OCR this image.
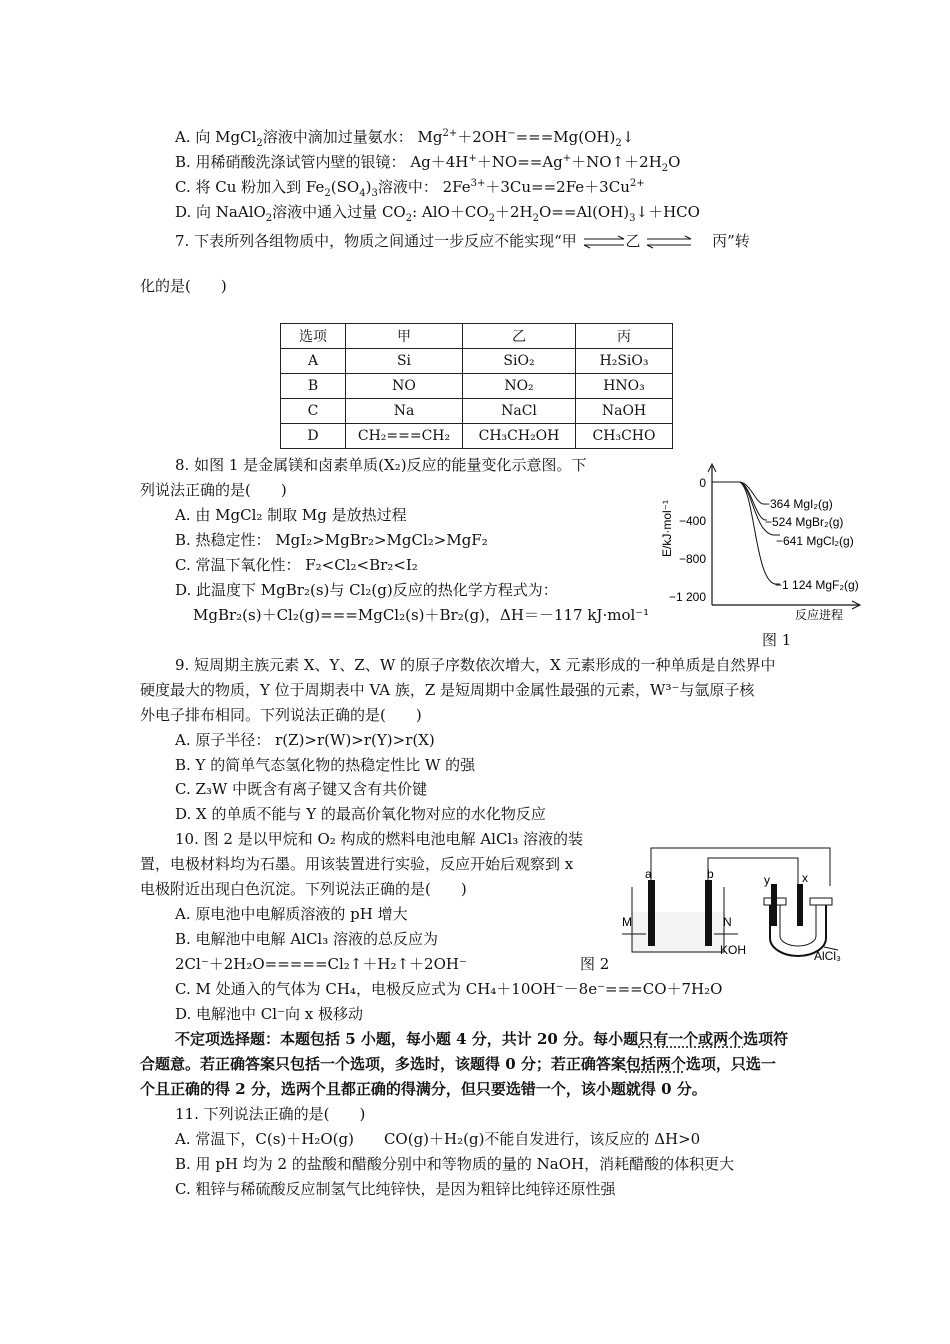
A. 向 MgCl$_2$溶液中滴加过量氨水： $Mg^{2+}+2OH^-===Mg(OH)_2↓$
B. 用稀硝酸洗涤试管内壁的银镜： $Ag+4H^++NO==Ag^++NO↑+2H_2O$
C. 将 Cu 粉加入到 $Fe_2(SO_4)_3$溶液中： $2Fe^{3+}+3Cu==2Fe+3Cu^{2+}$
D. 向 NaAlO$_2$溶液中通入过量 $CO_2$: $AlO+CO_2+2H_2O==Al(OH)_3↓+HCO$
7. 下表所列各组物质中，物质之间通过一步反应不能实现“甲 ⇌乙 ⇌ 丙”转
化的是(　　)
选项	甲	乙	丙
A	Si	SiO₂	H₂SiO₃
B	NO	NO₂	HNO₃
C	Na	NaCl	NaOH
D	CH₂===CH₂	CH₃CH₂OH	CH₃CHO
8. 如图 1 是金属镁和卤素单质(X₂)反应的能量变化示意图。下
列说法正确的是(　　)
A. 由 MgCl₂ 制取 Mg 是放热过程
B. 热稳定性： MgI₂>MgBr₂>MgCl₂>MgF₂
C. 常温下氧化性： F₂<Cl₂<Br₂<I₂
D. 此温度下 MgBr₂(s)与 Cl₂(g)反应的热化学方程式为：
MgBr₂(s)＋Cl₂(g)===MgCl₂(s)＋Br₂(g)，ΔH＝－117 kJ·mol⁻¹
0
−400
−800
−1 200
E/kJ·mol⁻¹
反应进程
−364 MgI₂(g)
−524 MgBr₂(g)
−641 MgCl₂(g)
−1 124 MgF₂(g)
图 1
9. 短周期主族元素 X、Y、Z、W 的原子序数依次增大，X 元素形成的一种单质是自然界中
硬度最大的物质，Y 位于周期表中 VA 族，Z 是短周期中金属性最强的元素，W³⁻与氩原子核
外电子排布相同。下列说法正确的是(　　)
A. 原子半径： r(Z)>r(W)>r(Y)>r(X)
B. Y 的简单气态氢化物的热稳定性比 W 的强
C. Z₃W 中既含有离子键又含有共价键
D. X 的单质不能与 Y 的最高价氧化物对应的水化物反应
10. 图 2 是以甲烷和 O₂ 构成的燃料电池电解 AlCl₃ 溶液的装
置，电极材料均为石墨。用该装置进行实验，反应开始后观察到 x
电极附近出现白色沉淀。下列说法正确的是(　　)
A. 原电池中电解质溶液的 pH 增大
B. 电解池中电解 AlCl₃ 溶液的总反应为
2Cl⁻＋2H₂O=====Cl₂↑＋H₂↑＋2OH⁻	图 2
C. M 处通入的气体为 CH₄，电极反应式为 CH₄＋10OH⁻－8e⁻===CO＋7H₂O
D. 电解池中 Cl⁻向 x 极移动
a	b
M	N
KOH
y	x
AlCl₃
不定项选择题：本题包括 5 小题，每小题 4 分，共计 20 分。每小题只有一个或两个选项符
合题意。若正确答案只包括一个选项，多选时，该题得 0 分；若正确答案包括两个选项，只选一
个且正确的得 2 分，选两个且都正确的得满分，但只要选错一个，该小题就得 0 分。
11. 下列说法正确的是(　　)
A. 常温下，C(s)＋H₂O(g)　　CO(g)＋H₂(g)不能自发进行，该反应的 ΔH>0
B. 用 pH 均为 2 的盐酸和醋酸分别中和等物质的量的 NaOH，消耗醋酸的体积更大
C. 粗锌与稀硫酸反应制氢气比纯锌快，是因为粗锌比纯锌还原性强
